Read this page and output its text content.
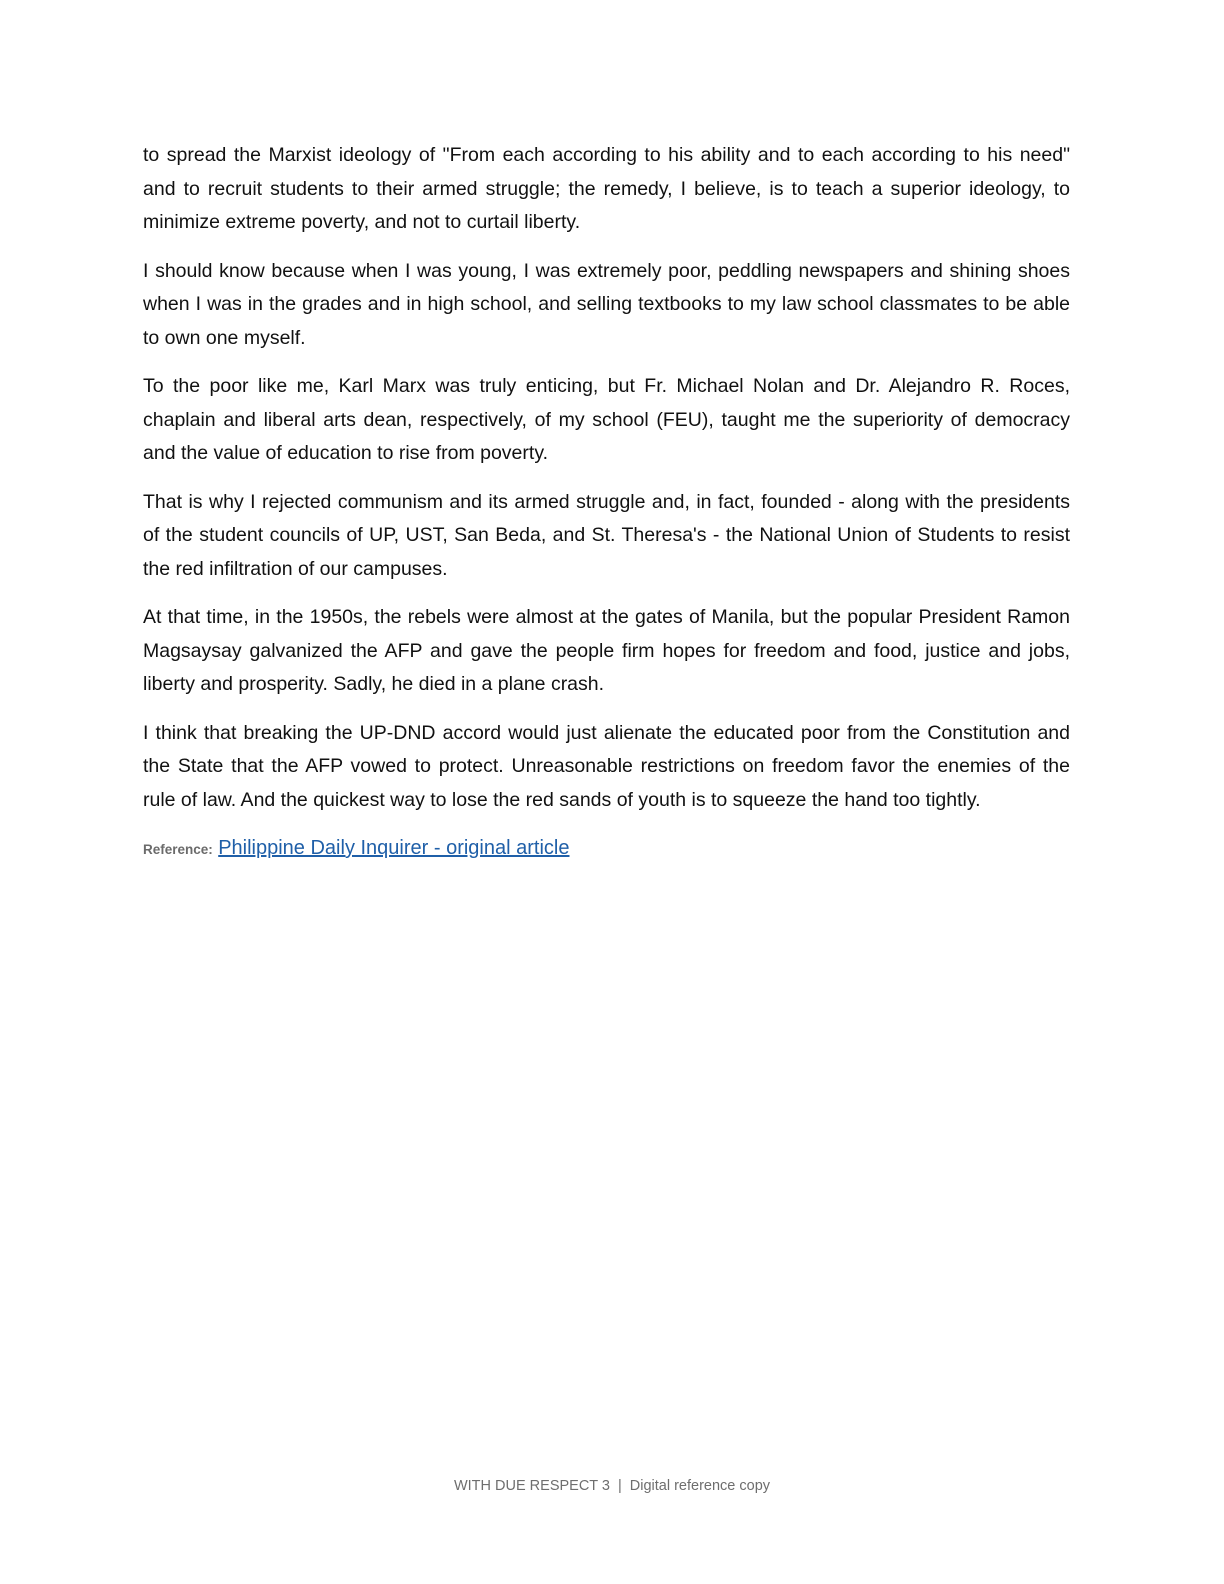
to spread the Marxist ideology of "From each according to his ability and to each according to his need" and to recruit students to their armed struggle; the remedy, I believe, is to teach a superior ideology, to minimize extreme poverty, and not to curtail liberty.

I should know because when I was young, I was extremely poor, peddling newspapers and shining shoes when I was in the grades and in high school, and selling textbooks to my law school classmates to be able to own one myself.

To the poor like me, Karl Marx was truly enticing, but Fr. Michael Nolan and Dr. Alejandro R. Roces, chaplain and liberal arts dean, respectively, of my school (FEU), taught me the superiority of democracy and the value of education to rise from poverty.

That is why I rejected communism and its armed struggle and, in fact, founded - along with the presidents of the student councils of UP, UST, San Beda, and St. Theresa's - the National Union of Students to resist the red infiltration of our campuses.

At that time, in the 1950s, the rebels were almost at the gates of Manila, but the popular President Ramon Magsaysay galvanized the AFP and gave the people firm hopes for freedom and food, justice and jobs, liberty and prosperity. Sadly, he died in a plane crash.

I think that breaking the UP-DND accord would just alienate the educated poor from the Constitution and the State that the AFP vowed to protect. Unreasonable restrictions on freedom favor the enemies of the rule of law. And the quickest way to lose the red sands of youth is to squeeze the hand too tightly.

Reference: Philippine Daily Inquirer - original article
WITH DUE RESPECT 3 | Digital reference copy
